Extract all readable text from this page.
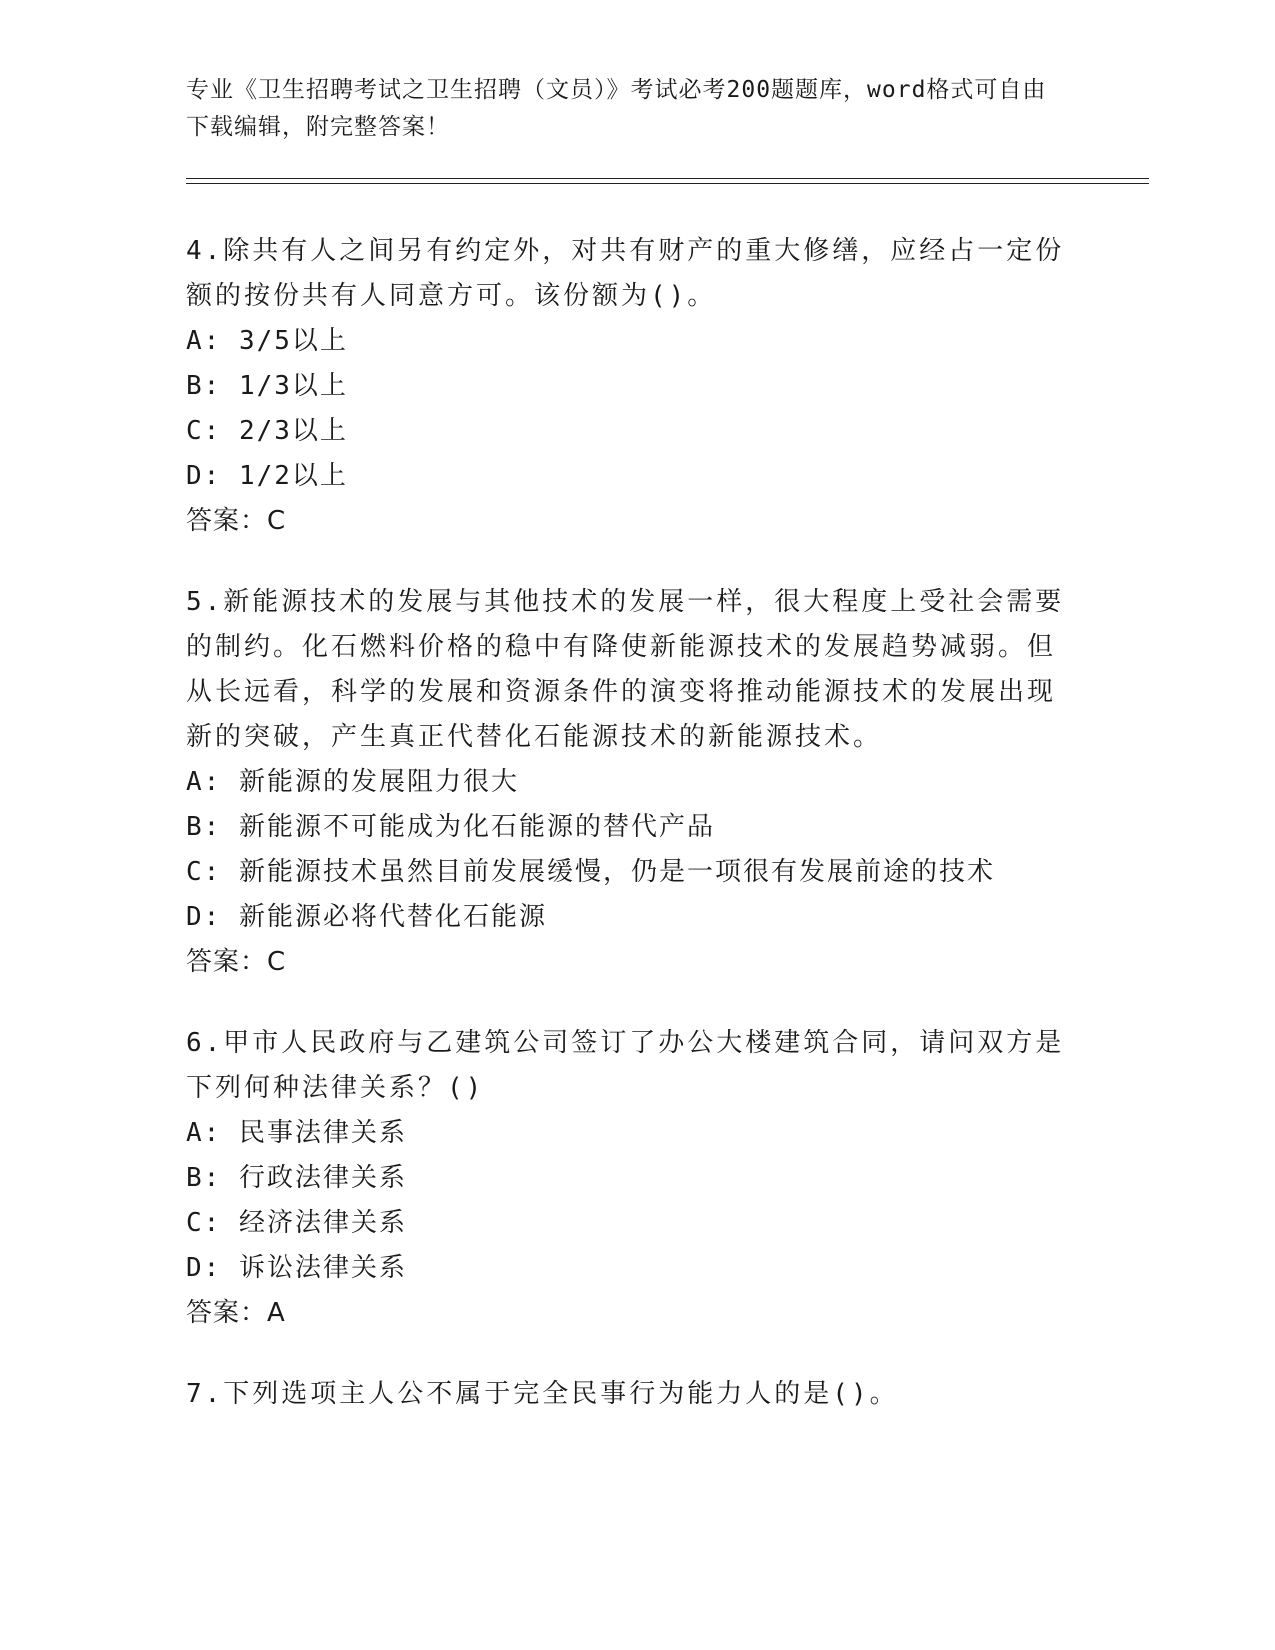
专业《卫生招聘考试之卫生招聘（文员）》考试必考200题题库，word格式可自由下载编辑，附完整答案！
4.除共有人之间另有约定外，对共有财产的重大修缮，应经占一定份额的按份共有人同意方可。该份额为()。
A: 3/5以上
B: 1/3以上
C: 2/3以上
D: 1/2以上
答案：C
5.新能源技术的发展与其他技术的发展一样，很大程度上受社会需要的制约。化石燃料价格的稳中有降使新能源技术的发展趋势减弱。但从长远看，科学的发展和资源条件的演变将推动能源技术的发展出现新的突破，产生真正代替化石能源技术的新能源技术。
A: 新能源的发展阻力很大
B: 新能源不可能成为化石能源的替代产品
C: 新能源技术虽然目前发展缓慢，仍是一项很有发展前途的技术
D: 新能源必将代替化石能源
答案：C
6.甲市人民政府与乙建筑公司签订了办公大楼建筑合同，请问双方是下列何种法律关系？()
A: 民事法律关系
B: 行政法律关系
C: 经济法律关系
D: 诉讼法律关系
答案：A
7.下列选项主人公不属于完全民事行为能力人的是()。
